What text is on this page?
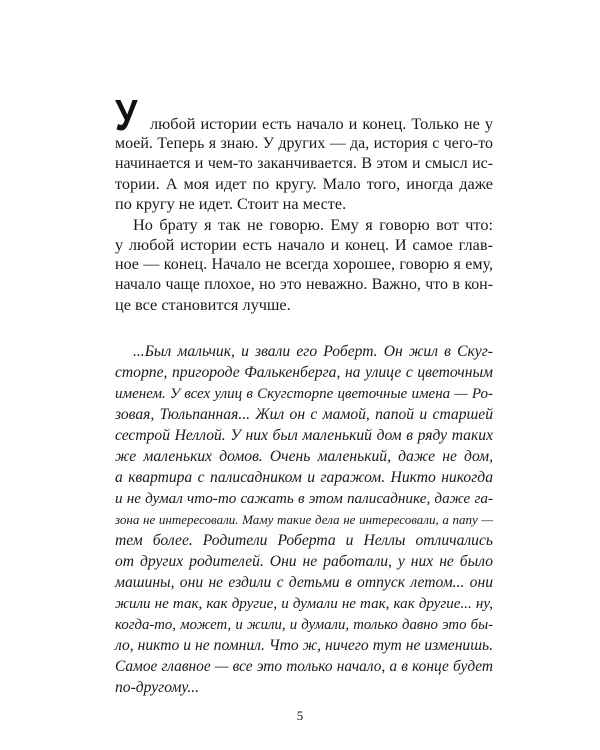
У любой истории есть начало и конец. Только не у
моей. Теперь я знаю. У других — да, история с чего-то
начинается и чем-то заканчивается. В этом и смысл ис-
тории. А моя идет по кругу. Мало того, иногда даже
по кругу не идет. Стоит на месте.
Но брату я так не говорю. Ему я говорю вот что:
у любой истории есть начало и конец. И самое глав-
ное — конец. Начало не всегда хорошее, говорю я ему,
начало чаще плохое, но это неважно. Важно, что в кон-
це все становится лучше.
...Был мальчик, и звали его Роберт. Он жил в Скуг-
сторпе, пригороде Фалькенберга, на улице с цветочным
именем. У всех улиц в Скугсторпе цветочные имена — Ро-
зовая, Тюльпанная... Жил он с мамой, папой и старшей
сестрой Неллой. У них был маленький дом в ряду таких
же маленьких домов. Очень маленький, даже не дом,
а квартира с палисадником и гаражом. Никто никогда
и не думал что-то сажать в этом палисаднике, даже га-
зона не интересовали. Маму такие дела не интересовали, а папу —
тем более. Родители Роберта и Неллы отличались
от других родителей. Они не работали, у них не было
машины, они не ездили с детьми в отпуск летом... они
жили не так, как другие, и думали не так, как другие... ну,
когда-то, может, и жили, и думали, только давно это бы-
ло, никто и не помнил. Что ж, ничего тут не изменишь.
Самое главное — все это только начало, а в конце будет
по-другому...
5
